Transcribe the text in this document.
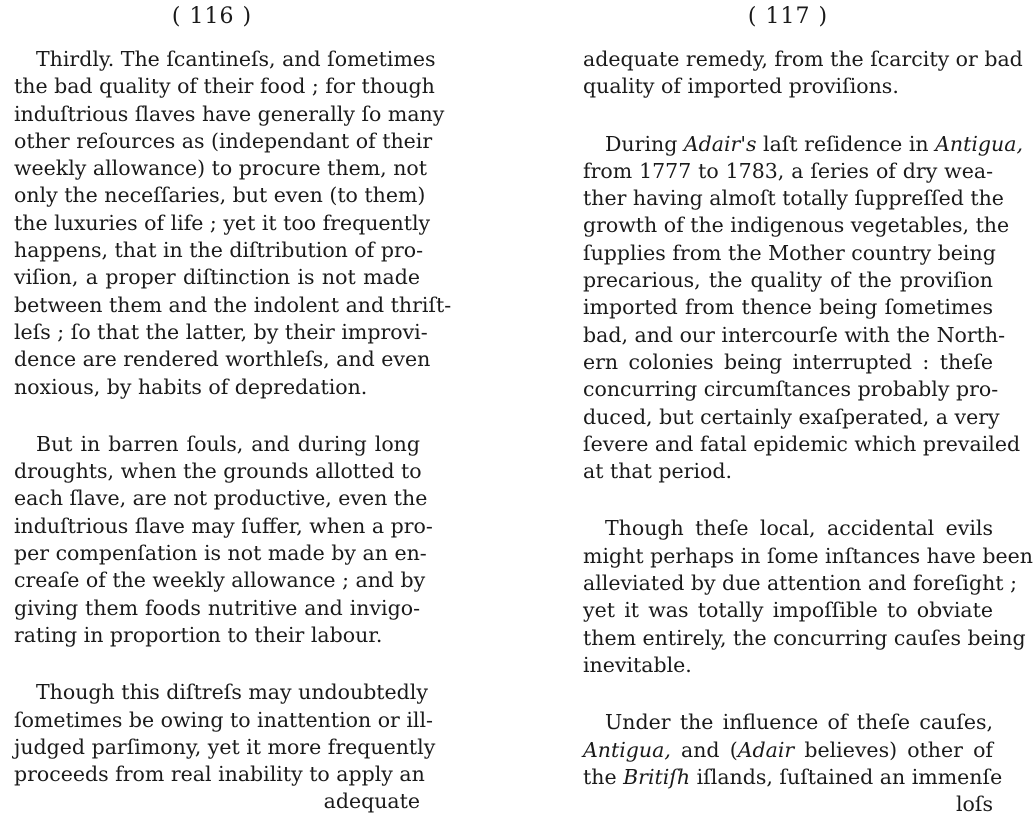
( 116 )
Thirdly. The ſcantineſs, and ſometimes
the bad quality of their food ; for though
induſtrious ſlaves have generally ſo many
other reſources as (independant of their
weekly allowance) to procure them, not
only the neceſſaries, but even (to them)
the luxuries of life ; yet it too frequently
happens, that in the diſtribution of pro-
viſion, a proper diſtinction is not made
between them and the indolent and thriſt-
leſs ; ſo that the latter, by their improvi-
dence are rendered worthleſs, and even
noxious, by habits of depredation.
But in barren ſouls, and during long
droughts, when the grounds allotted to
each ſlave, are not productive, even the
induſtrious ſlave may ſuffer, when a pro-
per compenſation is not made by an en-
creaſe of the weekly allowance ; and by
giving them foods nutritive and invigo-
rating in proportion to their labour.
Though this diſtreſs may undoubtedly
ſometimes be owing to inattention or ill-
judged parſimony, yet it more frequently
proceeds from real inability to apply an
adequate
( 117 )
adequate remedy, from the ſcarcity or bad
quality of imported proviſions.
During Adair's laſt reſidence in Antigua,
from 1777 to 1783, a ſeries of dry wea-
ther having almoſt totally ſuppreſſed the
growth of the indigenous vegetables, the
ſupplies from the Mother country being
precarious, the quality of the proviſion
imported from thence being ſometimes
bad, and our intercourſe with the North-
ern colonies being interrupted : theſe
concurring circumſtances probably pro-
duced, but certainly exaſperated, a very
ſevere and fatal epidemic which prevailed
at that period.
Though theſe local, accidental evils
might perhaps in ſome inſtances have been
alleviated by due attention and foreſight ;
yet it was totally impoſſible to obviate
them entirely, the concurring cauſes being
inevitable.
Under the influence of theſe cauſes,
Antigua, and (Adair believes) other of
the Britiſh iſlands, ſuſtained an immenſe
loſs
